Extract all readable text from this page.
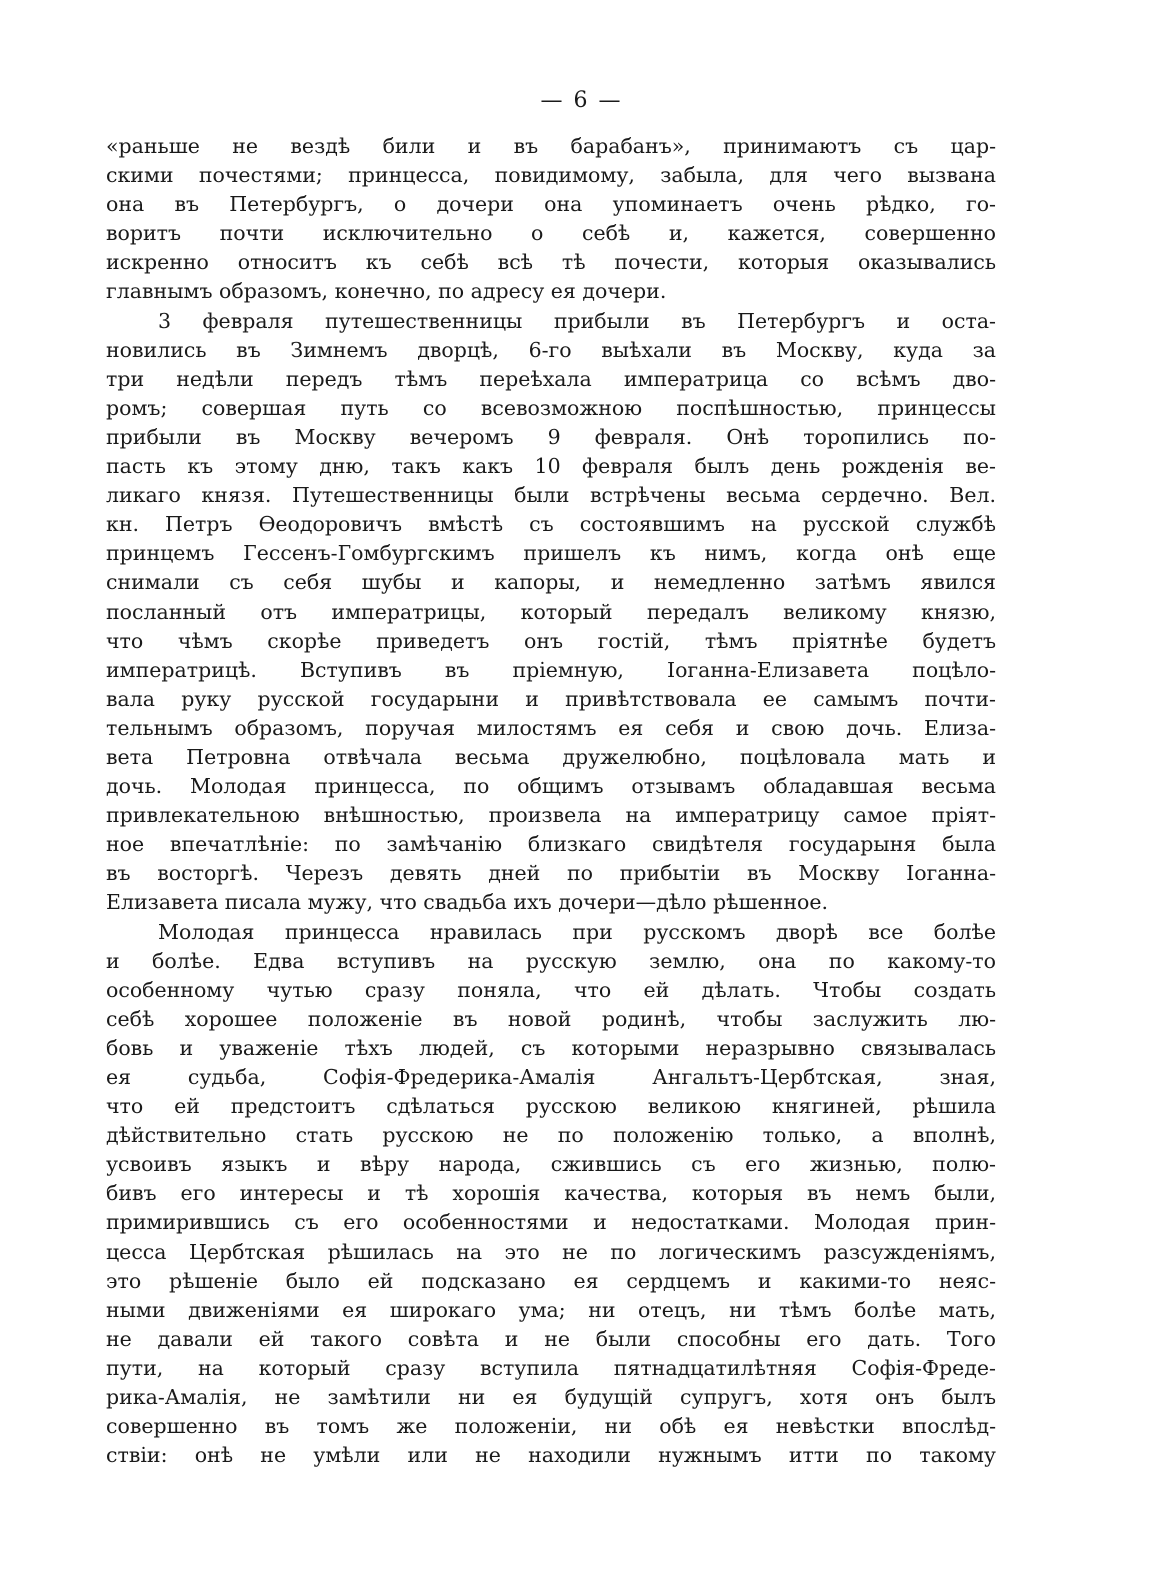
— 6 —
«раньше не вездѣ били и въ барабанъ», принимаютъ съ цар-
скими почестями; принцесса, повидимому, забыла, для чего вызвана
она въ Петербургъ, о дочери она упоминаетъ очень рѣдко, го-
воритъ почти исключительно о себѣ и, кажется, совершенно
искренно относитъ къ себѣ всѣ тѣ почести, которыя оказывались
главнымъ образомъ, конечно, по адресу ея дочери.
3 февраля путешественницы прибыли въ Петербургъ и оста-
новились въ Зимнемъ дворцѣ, 6-го выѣхали въ Москву, куда за
три недѣли передъ тѣмъ переѣхала императрица со всѣмъ дво-
ромъ; совершая путь со всевозможною поспѣшностью, принцессы
прибыли въ Москву вечеромъ 9 февраля. Онѣ торопились по-
пасть къ этому дню, такъ какъ 10 февраля былъ день рожденія ве-
ликаго князя. Путешественницы были встрѣчены весьма сердечно. Вел.
кн. Петръ Ѳеодоровичъ вмѣстѣ съ состоявшимъ на русской службѣ
принцемъ Гессенъ-Гомбургскимъ пришелъ къ нимъ, когда онѣ еще
снимали съ себя шубы и капоры, и немедленно затѣмъ явился
посланный отъ императрицы, который передалъ великому князю,
что чѣмъ скорѣе приведетъ онъ гостій, тѣмъ пріятнѣе будетъ
императрицѣ. Вступивъ въ пріемную, Іоганна-Елизавета поцѣло-
вала руку русской государыни и привѣтствовала ее самымъ почти-
тельнымъ образомъ, поручая милостямъ ея себя и свою дочь. Елиза-
вета Петровна отвѣчала весьма дружелюбно, поцѣловала мать и
дочь. Молодая принцесса, по общимъ отзывамъ обладавшая весьма
привлекательною внѣшностью, произвела на императрицу самое пріят-
ное впечатлѣніе: по замѣчанію близкаго свидѣтеля государыня была
въ восторгѣ. Черезъ девять дней по прибытіи въ Москву Іоганна-
Елизавета писала мужу, что свадьба ихъ дочери—дѣло рѣшенное.
Молодая принцесса нравилась при русскомъ дворѣ все болѣе
и болѣе. Едва вступивъ на русскую землю, она по какому-то
особенному чутью сразу поняла, что ей дѣлать. Чтобы создать
себѣ хорошее положеніе въ новой родинѣ, чтобы заслужить лю-
бовь и уваженіе тѣхъ людей, съ которыми неразрывно связывалась
ея судьба, Софія-Фредерика-Амалія Ангальтъ-Цербтская, зная,
что ей предстоитъ сдѣлаться русскою великою княгиней, рѣшила
дѣйствительно стать русскою не по положенію только, а вполнѣ,
усвоивъ языкъ и вѣру народа, сжившись съ его жизнью, полю-
бивъ его интересы и тѣ хорошія качества, которыя въ немъ были,
примирившись съ его особенностями и недостатками. Молодая прин-
цесса Цербтская рѣшилась на это не по логическимъ разсужденіямъ,
это рѣшеніе было ей подсказано ея сердцемъ и какими-то неяс-
ными движеніями ея широкаго ума; ни отецъ, ни тѣмъ болѣе мать,
не давали ей такого совѣта и не были способны его дать. Того
пути, на который сразу вступила пятнадцатилѣтняя Софія-Фреде-
рика-Амалія, не замѣтили ни ея будущій супругъ, хотя онъ былъ
совершенно въ томъ же положеніи, ни обѣ ея невѣстки впослѣд-
ствіи: онѣ не умѣли или не находили нужнымъ итти по такому
